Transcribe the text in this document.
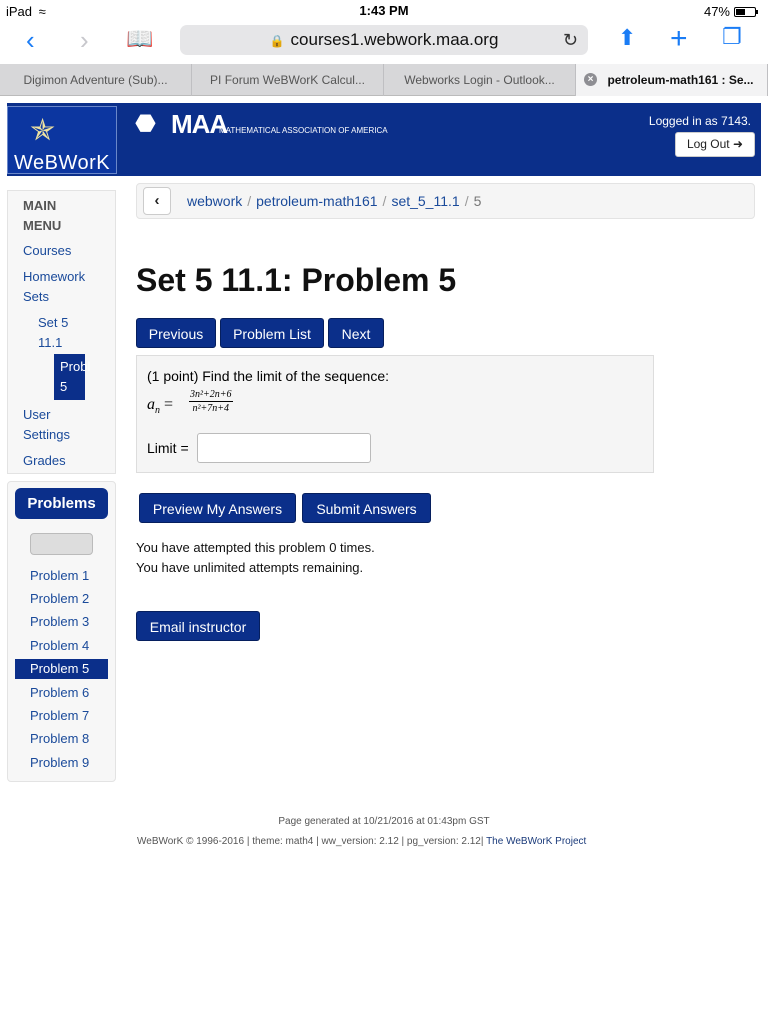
iPad ≈	1:43 PM	47%
‹ › 📖	🔒 courses1.webwork.maa.org	↻ ⬆ + ❐
Digimon Adventure (Sub)...	PI Forum WeBWorK Calcul...	Webworks Login - Outlook...	× petroleum-math161 : Se...
✯
WeBWorK
⬣ MAA
MATHEMATICAL ASSOCIATION OF AMERICA
Logged in as 7143.
Log Out ➜
MAIN
MENU
Courses
Homework
Sets
Set 5
11.1
Probl
5
User
Settings
Grades
Problems
Problem 1
Problem 2
Problem 3
Problem 4
Problem 5
Problem 6
Problem 7
Problem 8
Problem 9
‹	webwork / petroleum-math161 / set_5_11.1 / 5
Set 5 11.1: Problem 5
Previous	Problem List	Next
(1 point) Find the limit of the sequence:
$a_n = \frac{\text{3n²+2n+6}}{\text{n²+7n+4}}$
Limit =
Preview My Answers	Submit Answers
You have attempted this problem 0 times.
You have unlimited attempts remaining.
Email instructor
Page generated at 10/21/2016 at 01:43pm GST
WeBWorK © 1996-2016 | theme: math4 | ww_version: 2.12 | pg_version: 2.12| The WeBWorK Project
